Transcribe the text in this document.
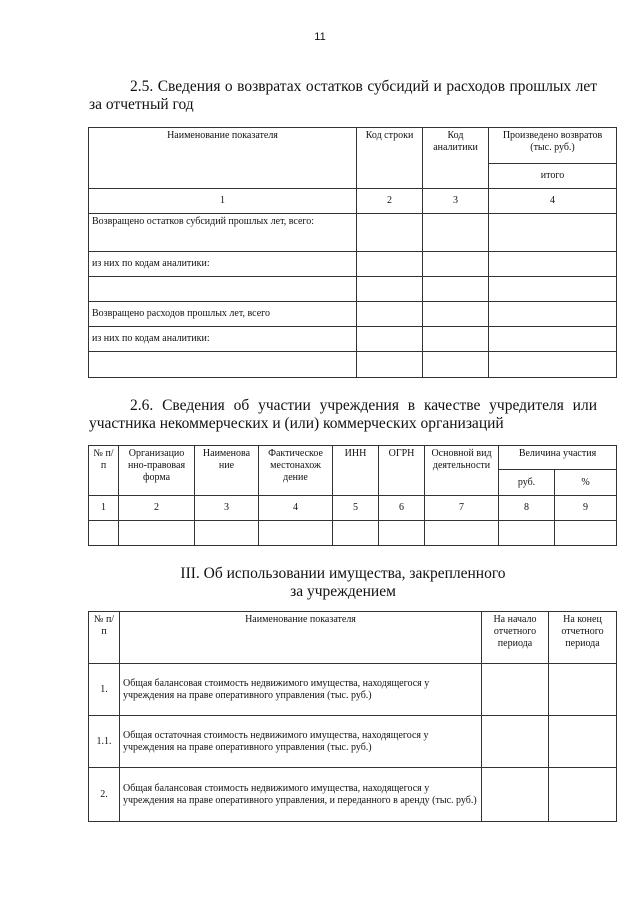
11
2.5. Сведения о возвратах остатков субсидий и расходов прошлых лет за отчетный год
Наименование показателя	Код строки	Код аналитики	Произведено возвратов (тыс. руб.)
			итого
1	2	3	4
Возвращено остатков субсидий прошлых лет, всего:			
из них по кодам аналитики:			

Возвращено расходов прошлых лет, всего			
из них по кодам аналитики:			

2.6. Сведения об участии учреждения в качестве учредителя или участника некоммерческих и (или) коммерческих организаций
№ п/п	Организацио нно-правовая форма	Наименова ние	Фактическое местонахож дение	ИНН	ОГРН	Основной вид деятельности	Величина участия	
							руб.	%
1	2	3	4	5	6	7	8	9

III. Об использовании имущества, закрепленного
за учреждением
№ п/п	Наименование показателя	На начало отчетного периода	На конец отчетного периода
1.	Общая балансовая стоимость недвижимого имущества, находящегося у учреждения на праве оперативного управления (тыс. руб.)		
1.1.	Общая остаточная стоимость недвижимого имущества, находящегося у учреждения на праве оперативного управления (тыс. руб.)		
2.	Общая балансовая стоимость недвижимого имущества, находящегося у учреждения на праве оперативного управления, и переданного в аренду (тыс. руб.)		
